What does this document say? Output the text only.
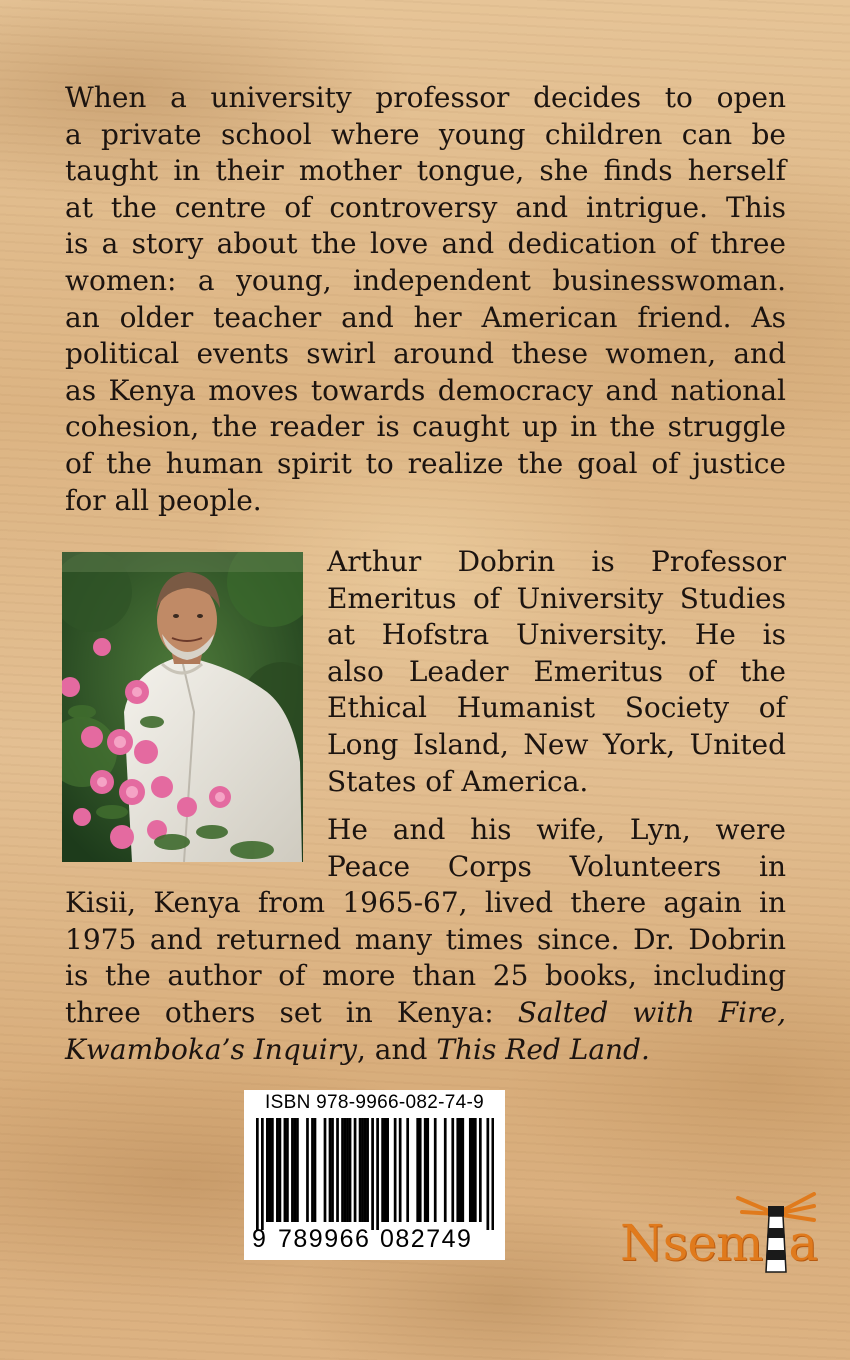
When a university professor decides to open
a private school where young children can be
taught in their mother tongue, she finds herself
at the centre of controversy and intrigue. This
is a story about the love and dedication of three
women: a young, independent businesswoman.
an older teacher and her American friend. As
political events swirl around these women, and
as Kenya moves towards democracy and national
cohesion, the reader is caught up in the struggle
of the human spirit to realize the goal of justice
for all people.
Arthur Dobrin is Professor
Emeritus of University Studies
at Hofstra University. He is
also Leader Emeritus of the
Ethical Humanist Society of
Long Island, New York, United
States of America.
He and his wife, Lyn, were
Peace Corps Volunteers in
Kisii, Kenya from 1965-67, lived there again in
1975 and returned many times since. Dr. Dobrin
is the author of more than 25 books, including
three others set in Kenya: Salted with Fire,
Kwamboka’s Inquiry, and This Red Land.
ISBN 978-9966-082-74-9
9 789966 082749	Nsem a
